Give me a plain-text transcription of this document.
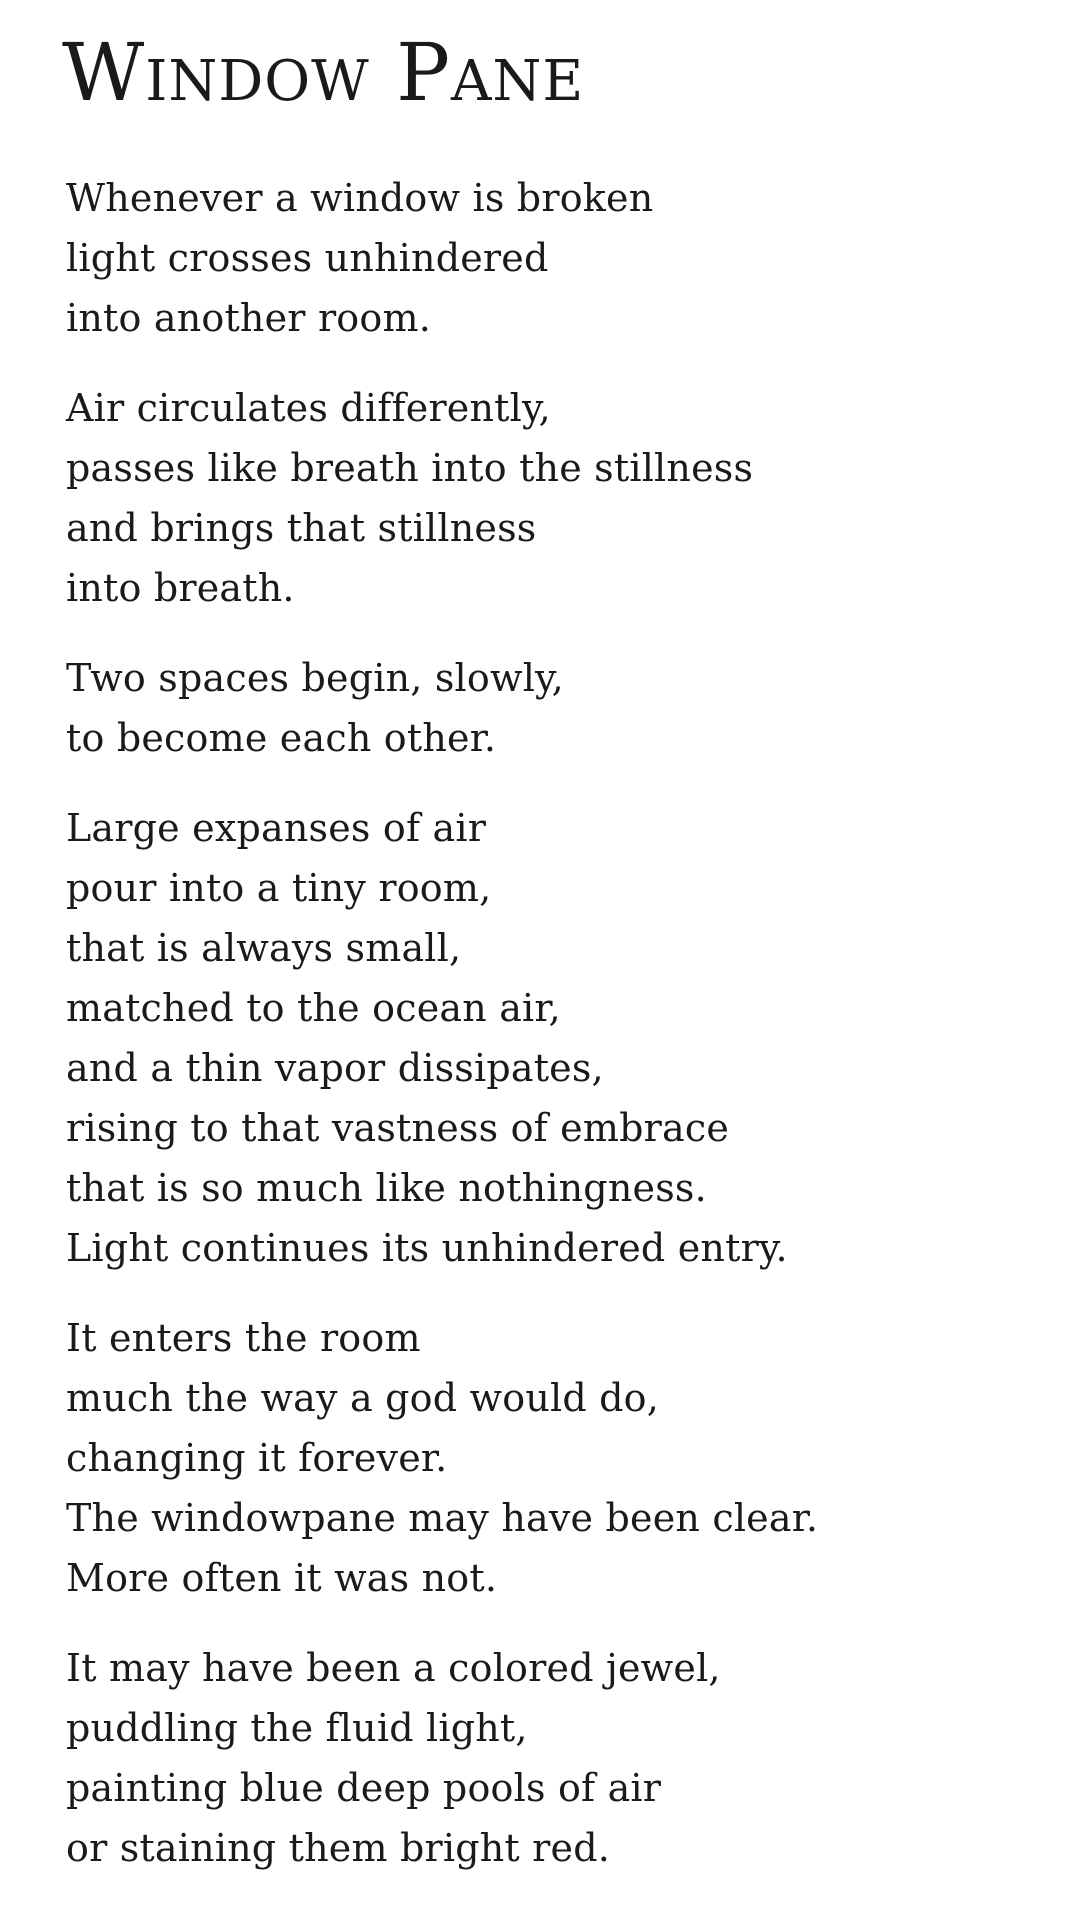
Window Pane
Whenever a window is broken
light crosses unhindered
into another room.
Air circulates differently,
passes like breath into the stillness
and brings that stillness
into breath.
Two spaces begin, slowly,
to become each other.
Large expanses of air
pour into a tiny room,
that is always small,
matched to the ocean air,
and a thin vapor dissipates,
rising to that vastness of embrace
that is so much like nothingness.
Light continues its unhindered entry.
It enters the room
much the way a god would do,
changing it forever.
The windowpane may have been clear.
More often it was not.
It may have been a colored jewel,
puddling the fluid light,
painting blue deep pools of air
or staining them bright red.
